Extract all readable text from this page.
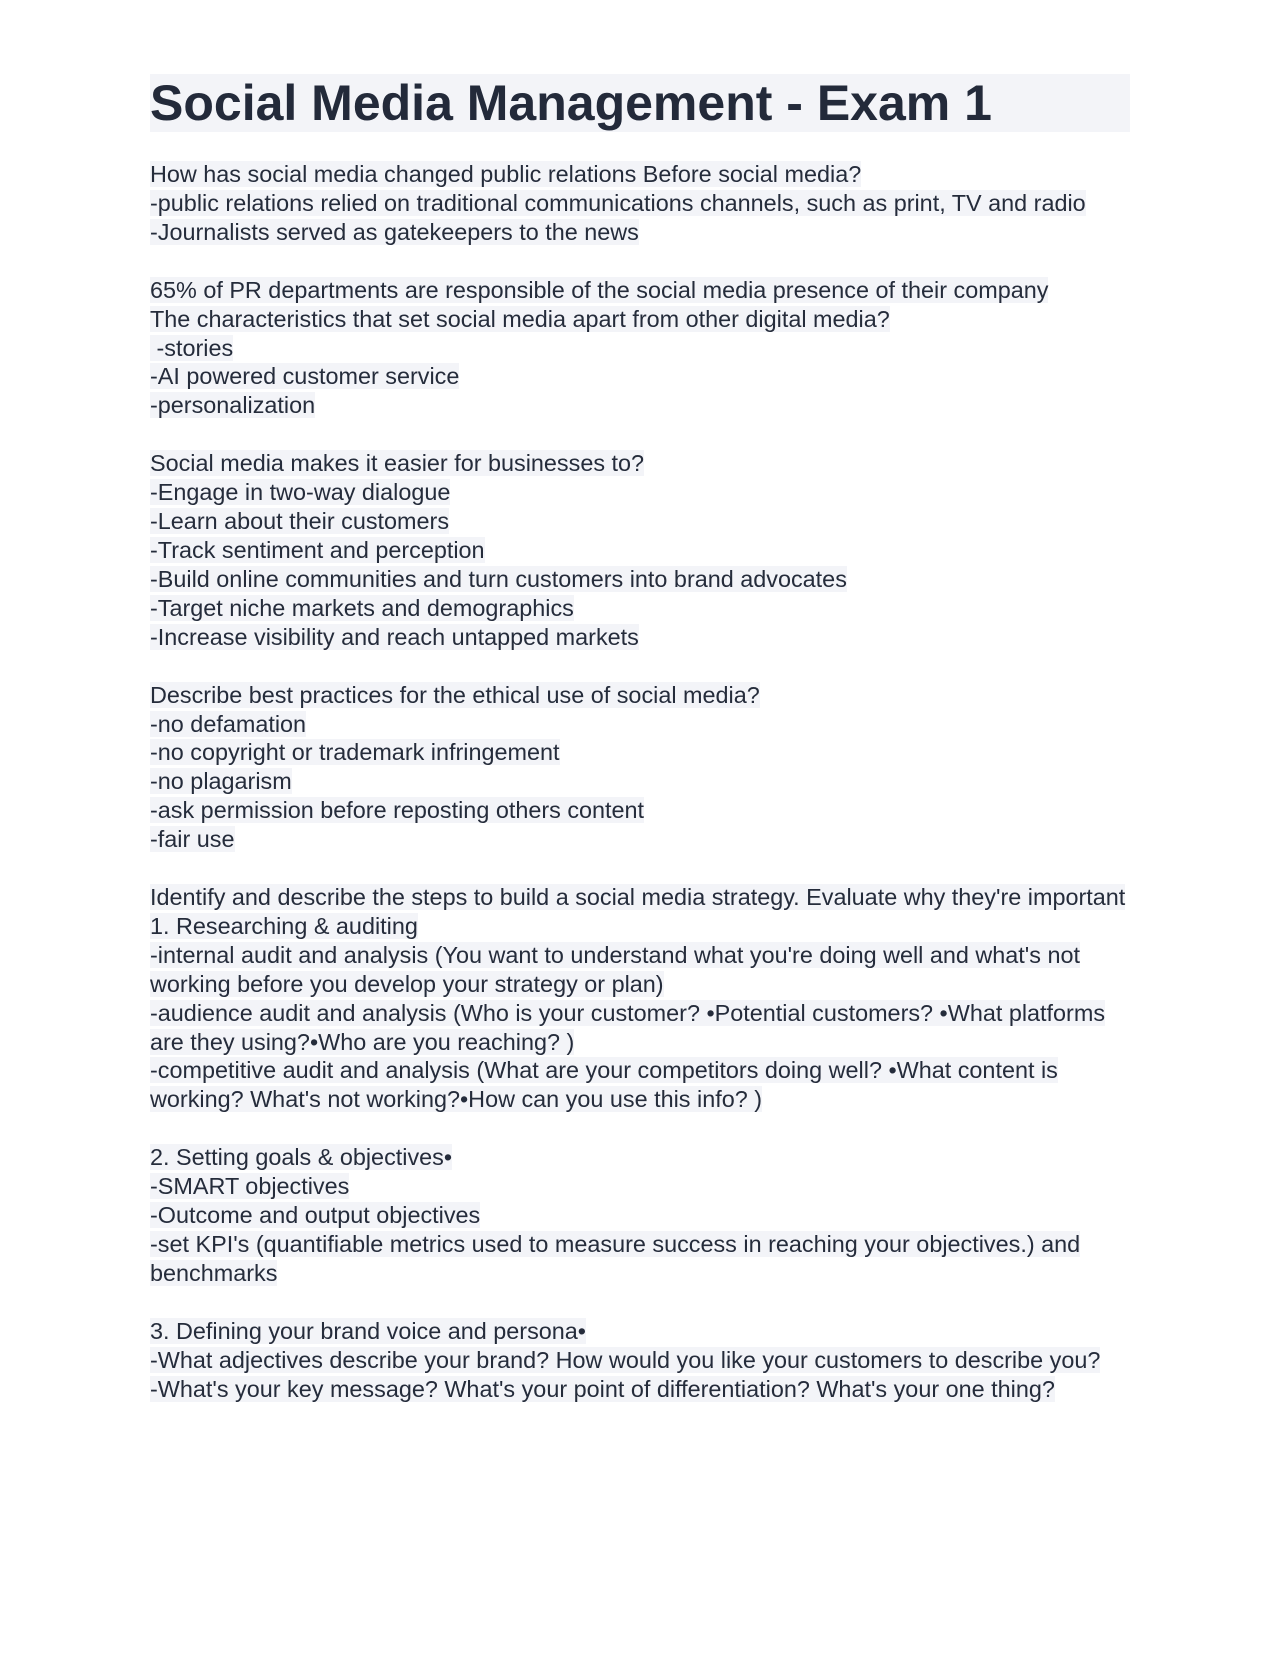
Social Media Management - Exam 1
How has social media changed public relations Before social media?
-public relations relied on traditional communications channels, such as print, TV and radio
-Journalists served as gatekeepers to the news
65% of PR departments are responsible of the social media presence of their company
The characteristics that set social media apart from other digital media?
-stories
-AI powered customer service
-personalization
Social media makes it easier for businesses to?
-Engage in two-way dialogue
-Learn about their customers
-Track sentiment and perception
-Build online communities and turn customers into brand advocates
-Target niche markets and demographics
-Increase visibility and reach untapped markets
Describe best practices for the ethical use of social media?
-no defamation
-no copyright or trademark infringement
-no plagarism
-ask permission before reposting others content
-fair use
Identify and describe the steps to build a social media strategy. Evaluate why they're important
1. Researching & auditing
-internal audit and analysis (You want to understand what you're doing well and what's not working before you develop your strategy or plan)
-audience audit and analysis (Who is your customer? •Potential customers? •What platforms are they using?•Who are you reaching? )
-competitive audit and analysis (What are your competitors doing well? •What content is working? What's not working?•How can you use this info? )
2. Setting goals & objectives•
-SMART objectives
-Outcome and output objectives
-set KPI's (quantifiable metrics used to measure success in reaching your objectives.) and benchmarks
3. Defining your brand voice and persona•
-What adjectives describe your brand? How would you like your customers to describe you?
-What's your key message? What's your point of differentiation? What's your one thing?
